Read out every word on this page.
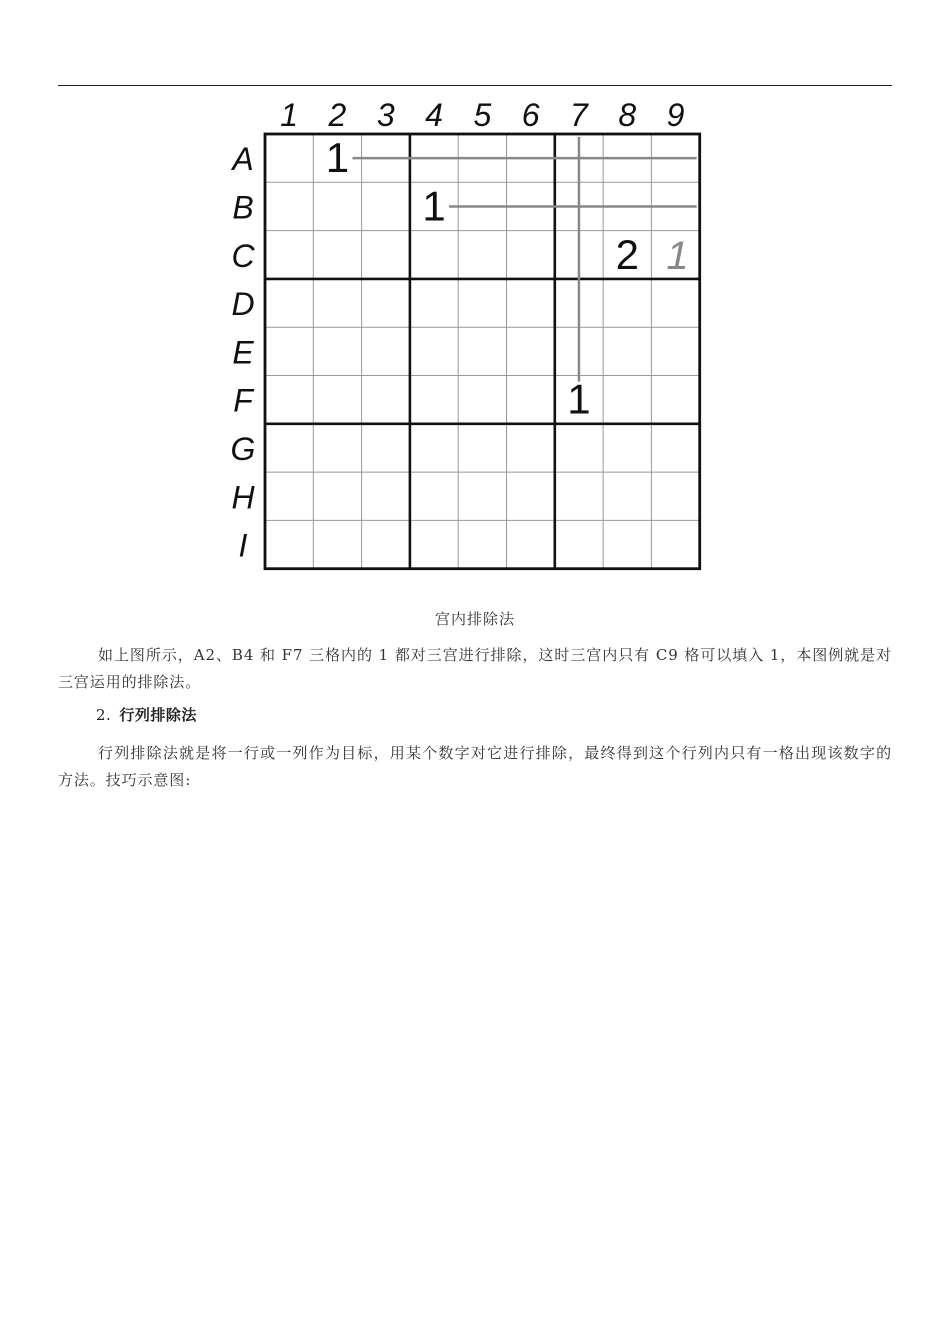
1 2 3 4 5 6 7 8 9
A
B
C
D
E
F
G
H
I
1
1
2
1
1
宫内排除法
如上图所示，A2、B4 和 F7 三格内的 1 都对三宫进行排除，这时三宫内只有 C9 格可以填入 1，本图例就是对三宫运用的排除法。
2. 行列排除法
行列排除法就是将一行或一列作为目标，用某个数字对它进行排除，最终得到这个行列内只有一格出现该数字的方法。技巧示意图:
